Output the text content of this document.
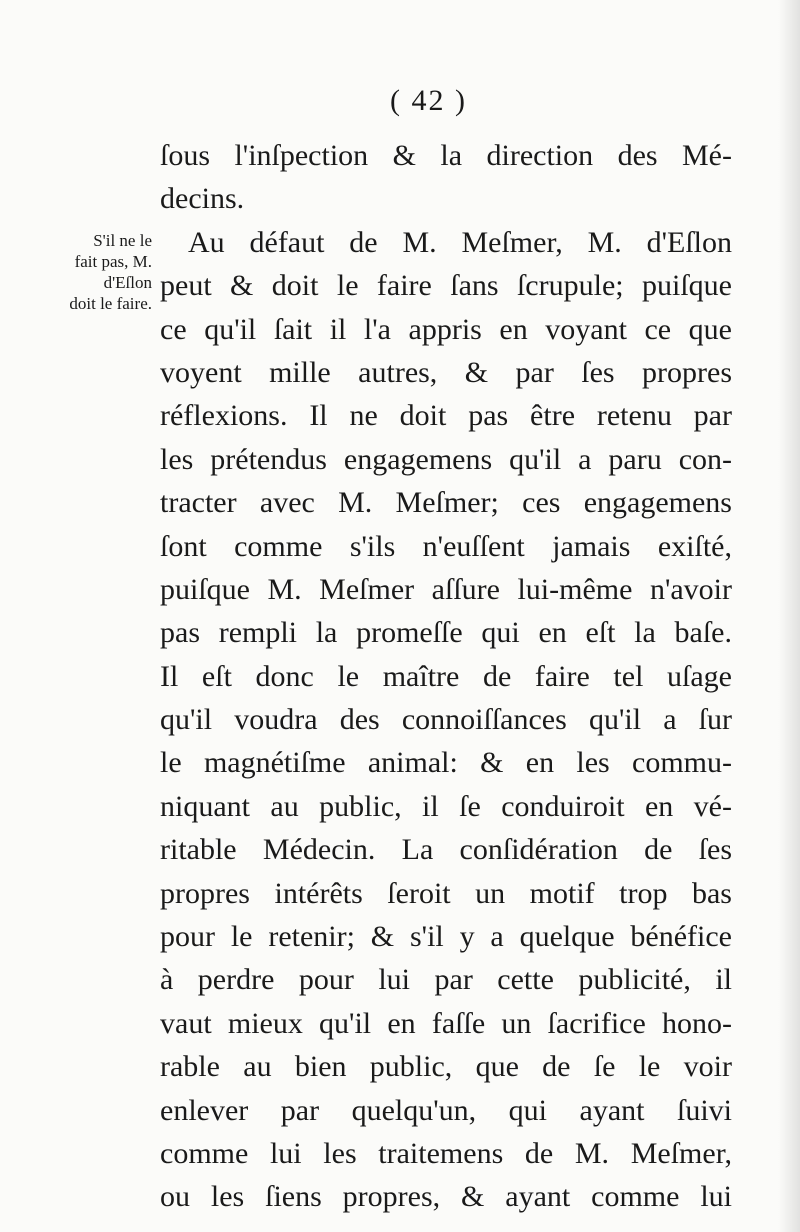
( 42 )
S'il ne le
fait pas, M.
d'Eſlon
doit le faire.
ſous l'inſpection & la direction des Mé-
decins.
Au défaut de M. Meſmer, M. d'Eſlon
peut & doit le faire ſans ſcrupule; puiſque
ce qu'il ſait il l'a appris en voyant ce que
voyent mille autres, & par ſes propres
réflexions. Il ne doit pas être retenu par
les prétendus engagemens qu'il a paru con-
tracter avec M. Meſmer; ces engagemens
ſont comme s'ils n'euſſent jamais exiſté,
puiſque M. Meſmer aſſure lui-même n'avoir
pas rempli la promeſſe qui en eſt la baſe.
Il eſt donc le maître de faire tel uſage
qu'il voudra des connoiſſances qu'il a ſur
le magnétiſme animal: & en les commu-
niquant au public, il ſe conduiroit en vé-
ritable Médecin. La conſidération de ſes
propres intérêts ſeroit un motif trop bas
pour le retenir; & s'il y a quelque bénéfice
à perdre pour lui par cette publicité, il
vaut mieux qu'il en faſſe un ſacrifice hono-
rable au bien public, que de ſe le voir
enlever par quelqu'un, qui ayant ſuivi
comme lui les traitemens de M. Meſmer,
ou les ſiens propres, & ayant comme lui
